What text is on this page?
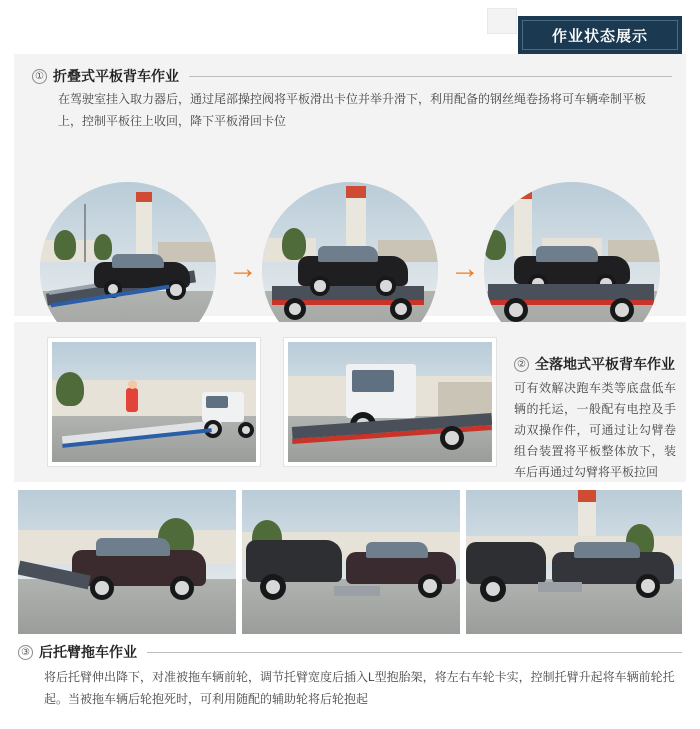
作业状态展示
① 折叠式平板背车作业
在驾驶室挂入取力器后，通过尾部操控阀将平板滑出卡位并举升滑下，利用配备的钢丝绳卷扬将可车辆牵制平板上，控制平板往上收回，降下平板滑回卡位
→	→
② 全落地式平板背车作业
可有效解决跑车类等底盘低车辆的托运，一般配有电控及手动双操作件，可通过让勾臂卷组台装置将平板整体放下，装车后再通过勾臂将平板拉回
③ 后托臂拖车作业
将后托臂伸出降下，对准被拖车辆前轮，调节托臂宽度后插入L型抱胎架，将左右车轮卡实，控制托臂升起将车辆前轮托起。当被拖车辆后轮抱死时，可利用随配的辅助轮将后轮抱起
